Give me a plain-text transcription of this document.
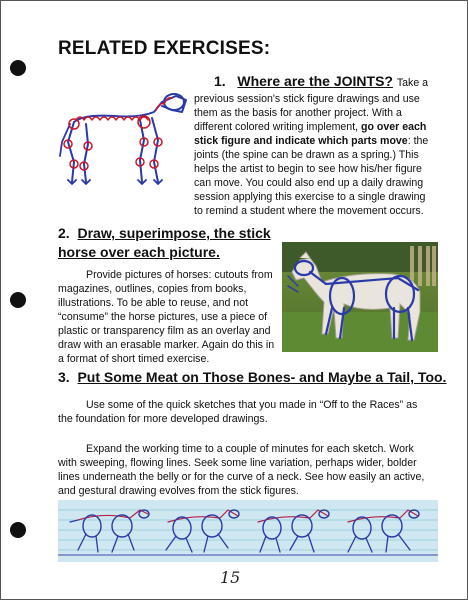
RELATED EXERCISES:
1. Where are the JOINTS? Take a

previous session's stick figure drawings and use them as the basis for another project. With a different colored writing implement, go over each stick figure and indicate which parts move: the joints (the spine can be drawn as a spring.) This helps the artist to begin to see how his/her figure can move. You could also end up a daily drawing session applying this exercise to a single drawing to remind a student where the movement occurs.

2. Draw, superimpose, the stick horse over each picture.

Provide pictures of horses: cutouts from magazines, outlines, copies from books, illustrations. To be able to reuse, and not “consume” the horse pictures, use a piece of plastic or transparency film as an overlay and draw with an erasable marker. Again do this in a format of short timed exercise.

3. Put Some Meat on Those Bones- and Maybe a Tail, Too.

Use some of the quick sketches that you made in “Off to the Races” as the foundation for more developed drawings.

Expand the working time to a couple of minutes for each sketch. Work with sweeping, flowing lines. Seek some line variation, perhaps wider, bolder lines underneath the belly or for the curve of a neck. See how easily an active, and gestural drawing evolves from the stick figures.

15
